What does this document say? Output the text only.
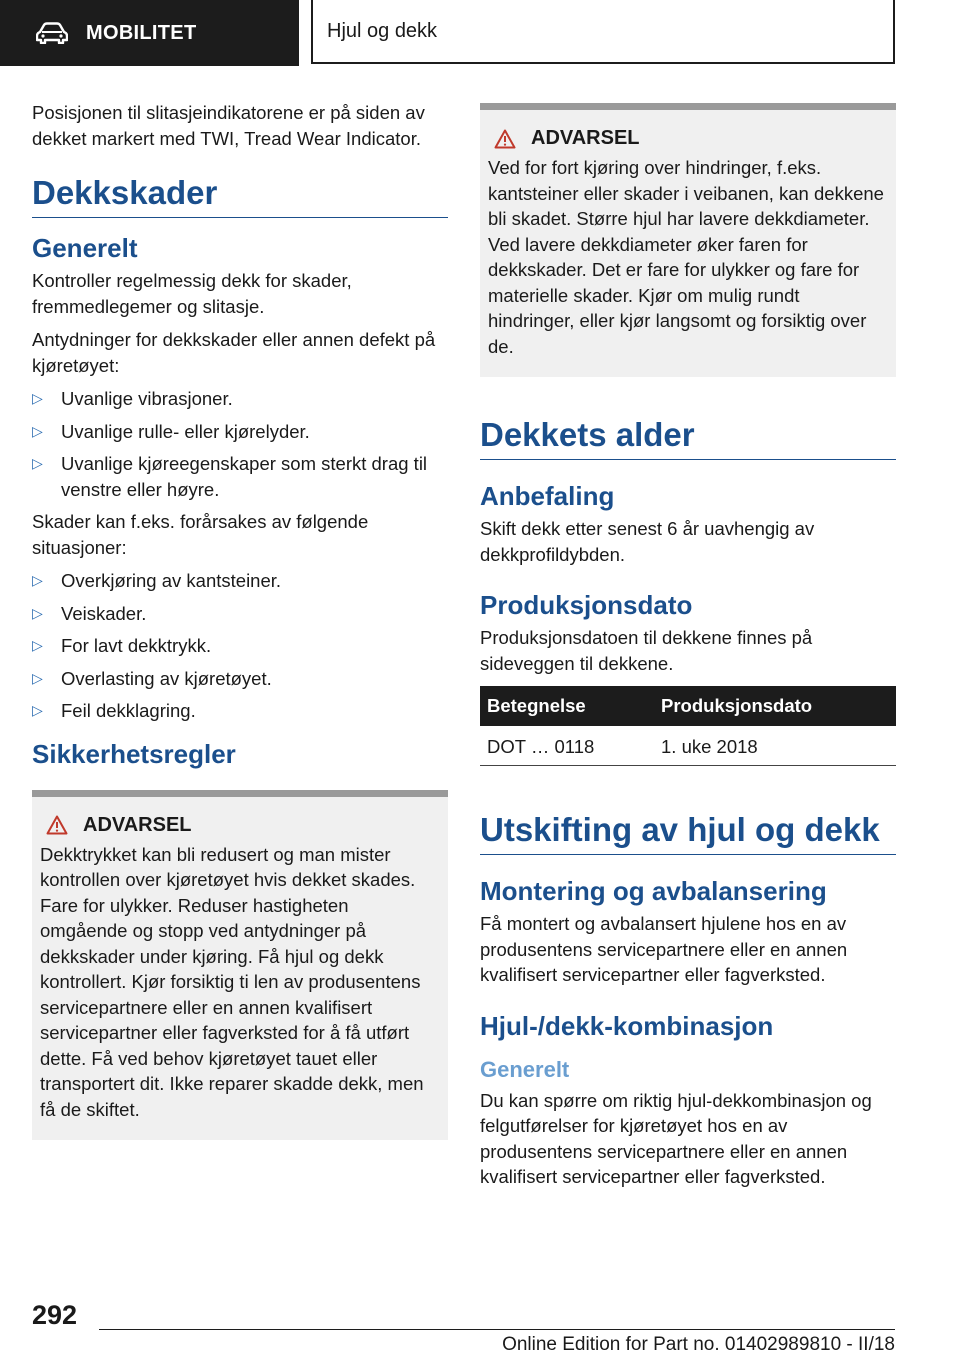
MOBILITET	Hjul og dekk

Posisjonen til slitasjeindikatorene er på siden av dekket markert med TWI, Tread Wear Indicator.

Dekkskader
Generelt

Kontroller regelmessig dekk for skader, fremmedlegemer og slitasje.

Antydninger for dekkskader eller annen defekt på kjøretøyet:

▷ Uvanlige vibrasjoner.
▷ Uvanlige rulle- eller kjørelyder.
▷ Uvanlige kjøreegenskaper som sterkt drag til venstre eller høyre.

Skader kan f.eks. forårsakes av følgende situasjoner:

▷ Overkjøring av kantsteiner.
▷ Veiskader.
▷ For lavt dekktrykk.
▷ Overlasting av kjøretøyet.
▷ Feil dekklagring.
Sikkerhetsregler
ADVARSEL

Dekktrykket kan bli redusert og man mister kontrollen over kjøretøyet hvis dekket skades. Fare for ulykker. Reduser hastigheten omgående og stopp ved antydninger på dekkskader under kjøring. Få hjul og dekk kontrollert. Kjør forsiktig ti len av produsentens servicepartnere eller en annen kvalifisert servicepartner eller fagverksted for å få utført dette. Få ved behov kjøretøyet tauet eller transportert dit. Ikke reparer skadde dekk, men få de skiftet.

ADVARSEL

Ved for fort kjøring over hindringer, f.eks. kantsteiner eller skader i veibanen, kan dekkene bli skadet. Større hjul har lavere dekkdiameter. Ved lavere dekkdiameter øker faren for dekkskader. Det er fare for ulykker og fare for materielle skader. Kjør om mulig rundt hindringer, eller kjør langsomt og forsiktig over de.

Dekkets alder
Anbefaling

Skift dekk etter senest 6 år uavhengig av dekkprofildybden.

Produksjonsdato

Produksjonsdatoen til dekkene finnes på sideveggen til dekkene.

Betegnelse	Produksjonsdato
DOT … 0118	1. uke 2018
Utskifting av hjul og dekk
Montering og avbalansering

Få montert og avbalansert hjulene hos en av produsentens servicepartnere eller en annen kvalifisert servicepartner eller fagverksted.

Hjul-/dekk-kombinasjon
Generelt

Du kan spørre om riktig hjul-dekkombinasjon og felgutførelser for kjøretøyet hos en av produsentens servicepartnere eller en annen kvalifisert servicepartner eller fagverksted.

292
Online Edition for Part no. 01402989810 - II/18
